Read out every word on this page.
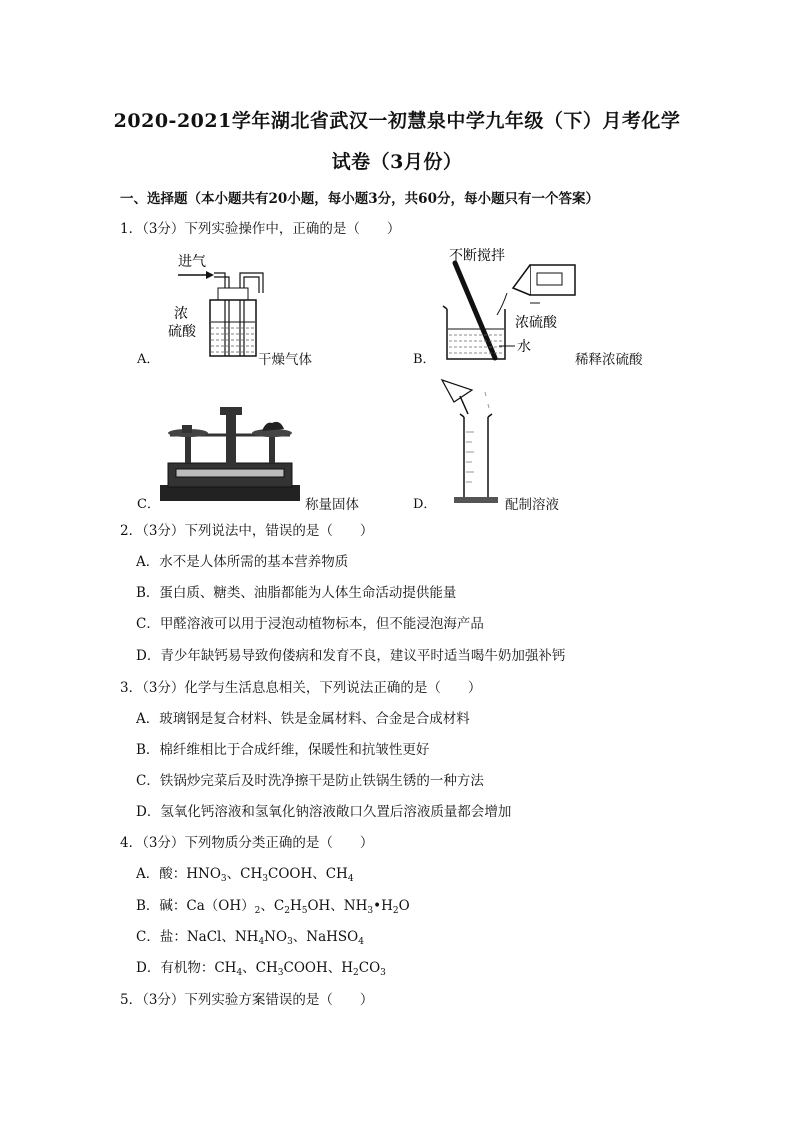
2020-2021学年湖北省武汉一初慧泉中学九年级（下）月考化学
试卷（3月份）
一、选择题（本小题共有20小题，每小题3分，共60分，每小题只有一个答案）
1．（3分）下列实验操作中，正确的是（　　）
进气
浓
硫酸
A．	干燥气体
不断搅拌
浓硫酸
水
B．	稀释浓硫酸
C．	称量固体	D．	配制溶液
2．（3分）下列说法中，错误的是（　　）
A．水不是人体所需的基本营养物质
B．蛋白质、糖类、油脂都能为人体生命活动提供能量
C．甲醛溶液可以用于浸泡动植物标本，但不能浸泡海产品
D．青少年缺钙易导致佝偻病和发育不良，建议平时适当喝牛奶加强补钙
3．（3分）化学与生活息息相关，下列说法正确的是（　　）
A．玻璃钢是复合材料、铁是金属材料、合金是合成材料
B．棉纤维相比于合成纤维，保暖性和抗皱性更好
C．铁锅炒完菜后及时洗净擦干是防止铁锅生锈的一种方法
D．氢氧化钙溶液和氢氧化钠溶液敞口久置后溶液质量都会增加
4．（3分）下列物质分类正确的是（　　）
A．酸：$HNO_3$、$CH_3COOH$、$CH_4$
B．碱：$Ca(OH)_2$、$C_2H_5OH$、$NH_3•H_2O$
C．盐：NaCl、$NH_4NO_3$、NaHSO$_4$
D．有机物：$CH_4$、$CH_3COOH$、$H_2CO_3$
5．（3分）下列实验方案错误的是（　　）
